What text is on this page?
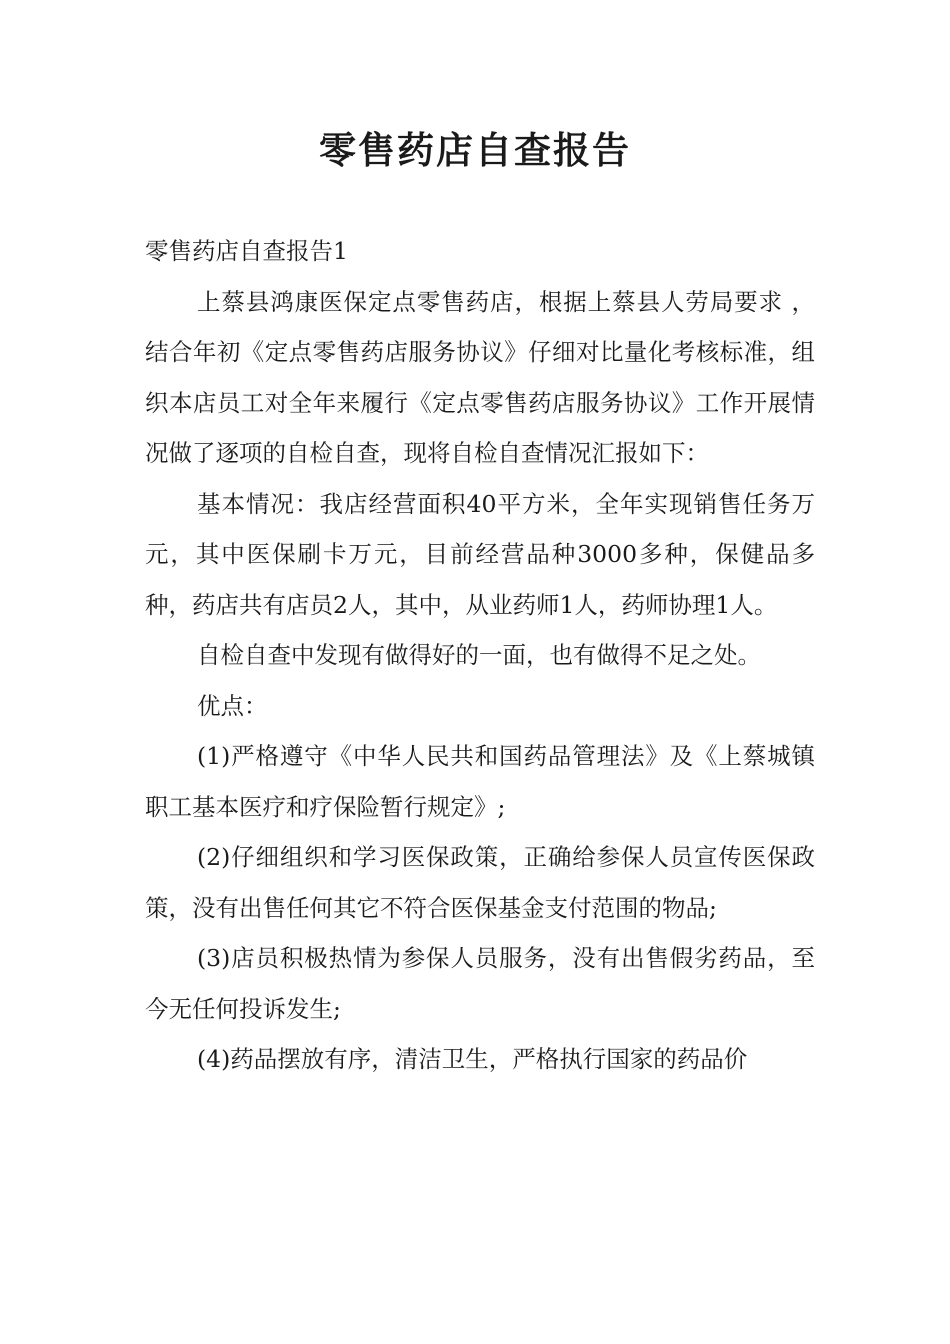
零售药店自查报告

零售药店自查报告1

上蔡县鸿康医保定点零售药店，根据上蔡县人劳局要求 ，结合年初《定点零售药店服务协议》仔细对比量化考核标准，组织本店员工对全年来履行《定点零售药店服务协议》工作开展情况做了逐项的自检自查，现将自检自查情况汇报如下：

基本情况：我店经营面积40平方米，全年实现销售任务万元，其中医保刷卡万元，目前经营品种3000多种，保健品多种，药店共有店员2人，其中，从业药师1人，药师协理1人。

自检自查中发现有做得好的一面，也有做得不足之处。

优点：

(1)严格遵守《中华人民共和国药品管理法》及《上蔡城镇职工基本医疗和疗保险暂行规定》;

(2)仔细组织和学习医保政策，正确给参保人员宣传医保政策，没有出售任何其它不符合医保基金支付范围的物品;

(3)店员积极热情为参保人员服务，没有出售假劣药品，至今无任何投诉发生;

(4)药品摆放有序，清洁卫生，严格执行国家的药品价
